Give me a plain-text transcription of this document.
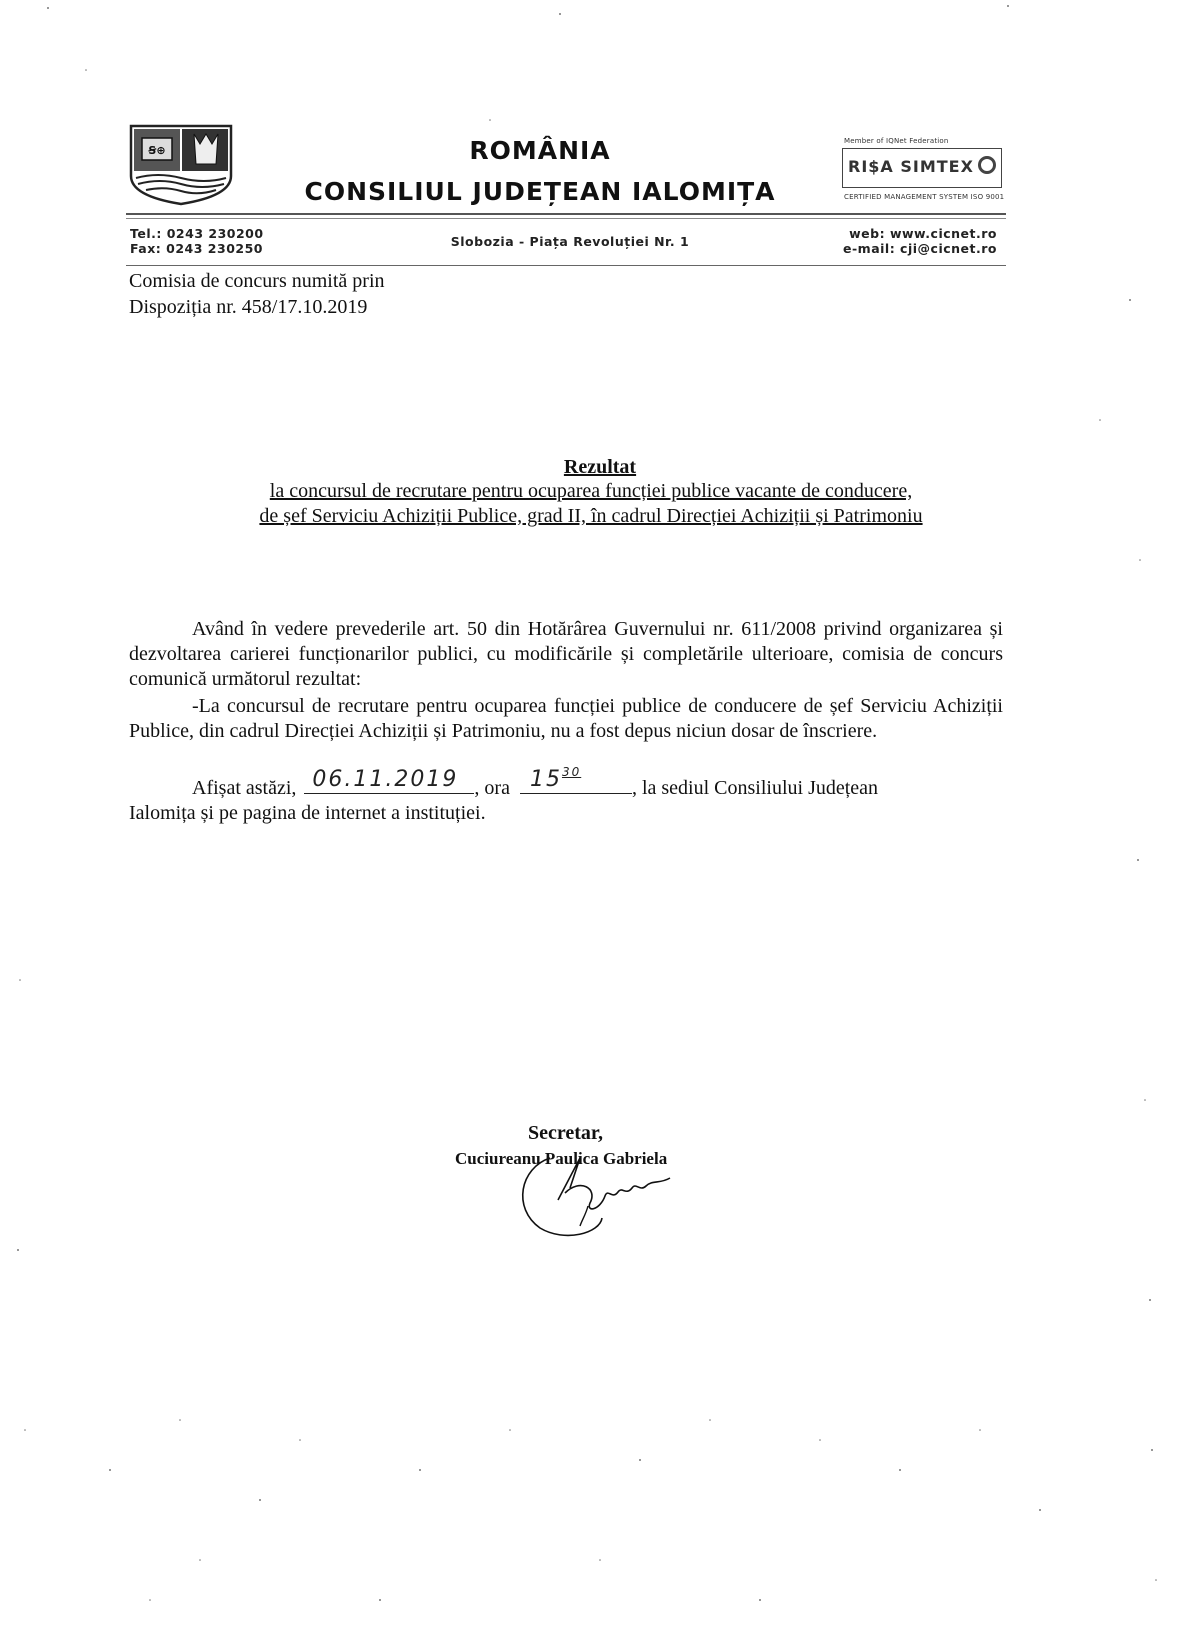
Ꞩ⊕	ROMÂNIA
CONSILIUL JUDEȚEAN IALOMIȚA
Member of IQNet Federation
RI$A SIMTEX
CERTIFIED MANAGEMENT SYSTEM ISO 9001
Tel.: 0243 230200
Fax: 0243 230250	Slobozia - Piața Revoluției Nr. 1
web: www.cicnet.ro
e-mail: cji@cicnet.ro
Comisia de concurs numită prin
Dispoziția nr. 458/17.10.2019
Rezultat
la concursul de recrutare pentru ocuparea funcției publice vacante de conducere,
de șef Serviciu Achiziții Publice, grad II, în cadrul Direcției Achiziții și Patrimoniu
Având în vedere prevederile art. 50 din Hotărârea Guvernului nr. 611/2008 privind organizarea și dezvoltarea carierei funcționarilor publici, cu modificările și completările ulterioare, comisia de concurs comunică următorul rezultat:
-La concursul de recrutare pentru ocuparea funcției publice de conducere de șef Serviciu Achiziții Publice, din cadrul Direcției Achiziții și Patrimoniu, nu a fost depus niciun dosar de înscriere.
Afișat astăzi, 06.11.2019 , ora $15^{30}$
, la sediul Consiliului Județean
Ialomița și pe pagina de internet a instituției.
Secretar,
Cuciureanu Paulica Gabriela
